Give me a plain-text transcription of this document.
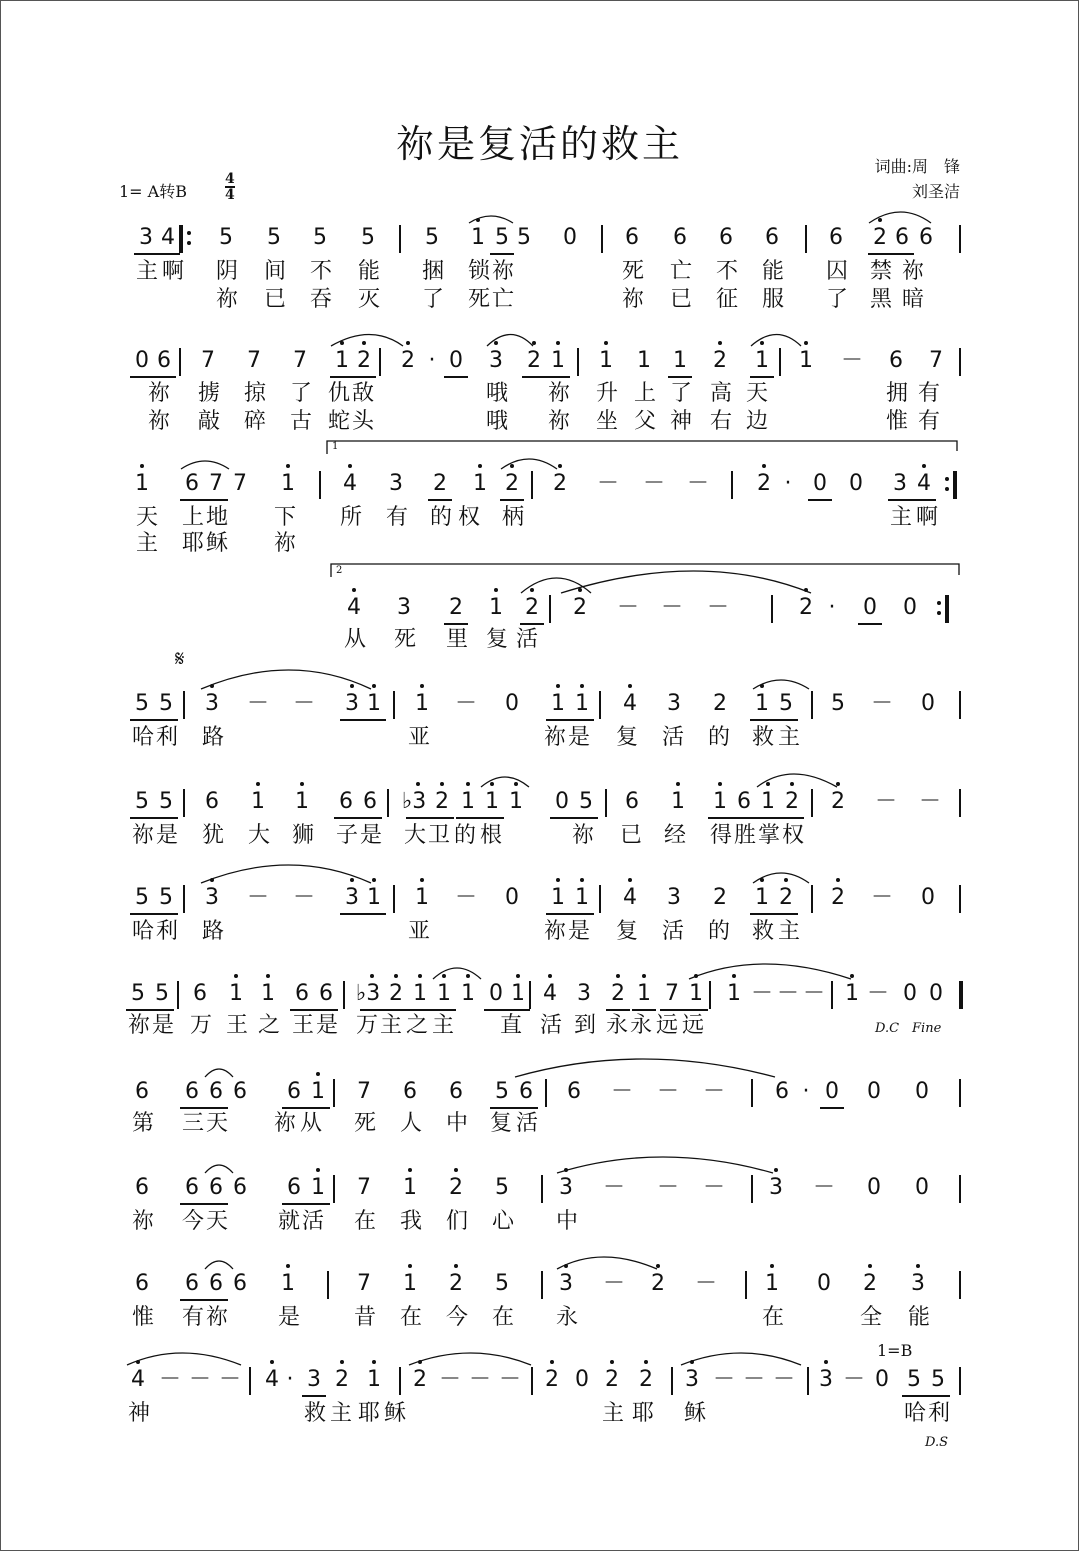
祢是复活的救主
词曲:周　锋
刘圣洁
1= A转B	$\frac{4}{4}$
3 4 5 5 5 5 5 1 5 5 0 6 6 6 6 6 2 6 6
主 啊 阴 间 不 能 捆 锁 祢	死 亡 不 能 囚 禁 祢
祢 已 吞 灭 了 死 亡	祢 已 征 服 了 黑 暗
0 6 7 7 7 1 2 2 · 0 3 2 1 1 1 1 2 1 1 － 6 7
祢 掳 掠 了 仇 敌	哦 祢 升 上 了 高 天	拥 有
祢 敲 碎 古 蛇 头	哦 祢 坐 父 神 右 边	惟 有
1 6 7 7 1 4 3 2 1 2 2 － － － 2 · 0 0 3 4
天 上 地 下 所 有 的 权 柄	主 啊
主 耶 稣 祢
4 3 2 1 2 2 － － －	2 ·	0 0
从 死 里 复 活
5 5 3 － － 3 1 1 － 0 1 1 4 3 2 1 5 5 － 0
哈 利 路	亚	祢 是 复 活 的 救 主
5 5 6 1 1 6 6 ♭3 2 1 1 1 0 5 6 1 1 6 1 2 2 － －
祢 是 犹 大 狮 子 是 大 卫 的 根	祢 已 经 得 胜 掌 权
5 5 3 － － 3 1 1 － 0 1 1 4 3 2 1 2 2 － 0
哈 利 路	亚	祢 是 复 活 的 救 主
5 5 6 1 1 6 6 ♭3 2 1 1 1 0 1 4 3 2 1 7 1 1 － － － 1 － 0 0
祢 是 万 王 之 王 是 万 主 之 主 直 活 到 永 永 远 远
6 6 6 6 6 1 7 6 6 5 6 6 － － － 6 · 0 0 0
第 三 天 祢 从 死 人 中 复 活
6 6 6 6 6 1 7 1 2 5 3 － － － 3 － 0 0
祢 今 天 就 活 在 我 们 心 中
6 6 6 6 1	7 1 2 5 3 － 2 － 1 0 2 3
惟 有 祢 是 昔 在 今 在 永	在	全 能
4 － － － 4 · 3 2 1 2 － － － 2 0 2 2 3 － － － 3 － 0 5 5
神	救 主 耶 稣	主 耶 稣	哈 利
1
2
𝄋
D.C　Fine
1=B
D.S
